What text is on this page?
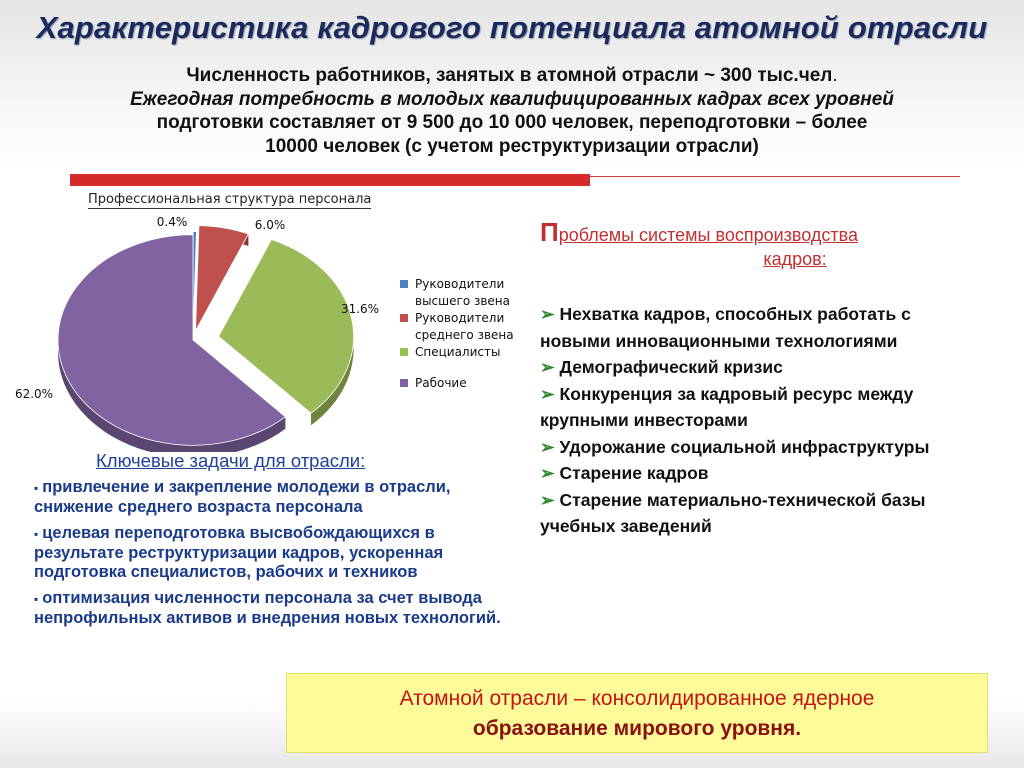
Характеристика кадрового потенциала атомной отрасли
Численность работников, занятых в атомной отрасли ~ 300 тыс.чел.
Ежегодная потребность в молодых квалифицированных кадрах всех уровней
подготовки составляет от 9 500 до 10 000 человек, переподготовки – более
10000 человек (с учетом реструктуризации отрасли)
Профессиональная структура персонала
0.4%	6.0%
31.6%
62.0%
Руководители высшего звена
Руководители среднего звена
Специалисты
Рабочие
Проблемы системы воспроизводства
кадров:
➢ Нехватка кадров, способных работать с новыми инновационными технологиями
➢ Демографический кризис
➢ Конкуренция за кадровый ресурс между крупными инвесторами
➢ Удорожание социальной инфраструктуры
➢ Старение кадров
➢ Старение материально-технической базы учебных заведений
Ключевые задачи для отрасли:
▪ привлечение и закрепление молодежи в отрасли, снижение среднего возраста персонала
▪ целевая переподготовка высвобождающихся в результате реструктуризации кадров, ускоренная подготовка специалистов, рабочих и техников
▪ оптимизация численности персонала за счет вывода непрофильных активов и внедрения новых технологий.
Атомной отрасли – консолидированное ядерное
образование мирового уровня.
